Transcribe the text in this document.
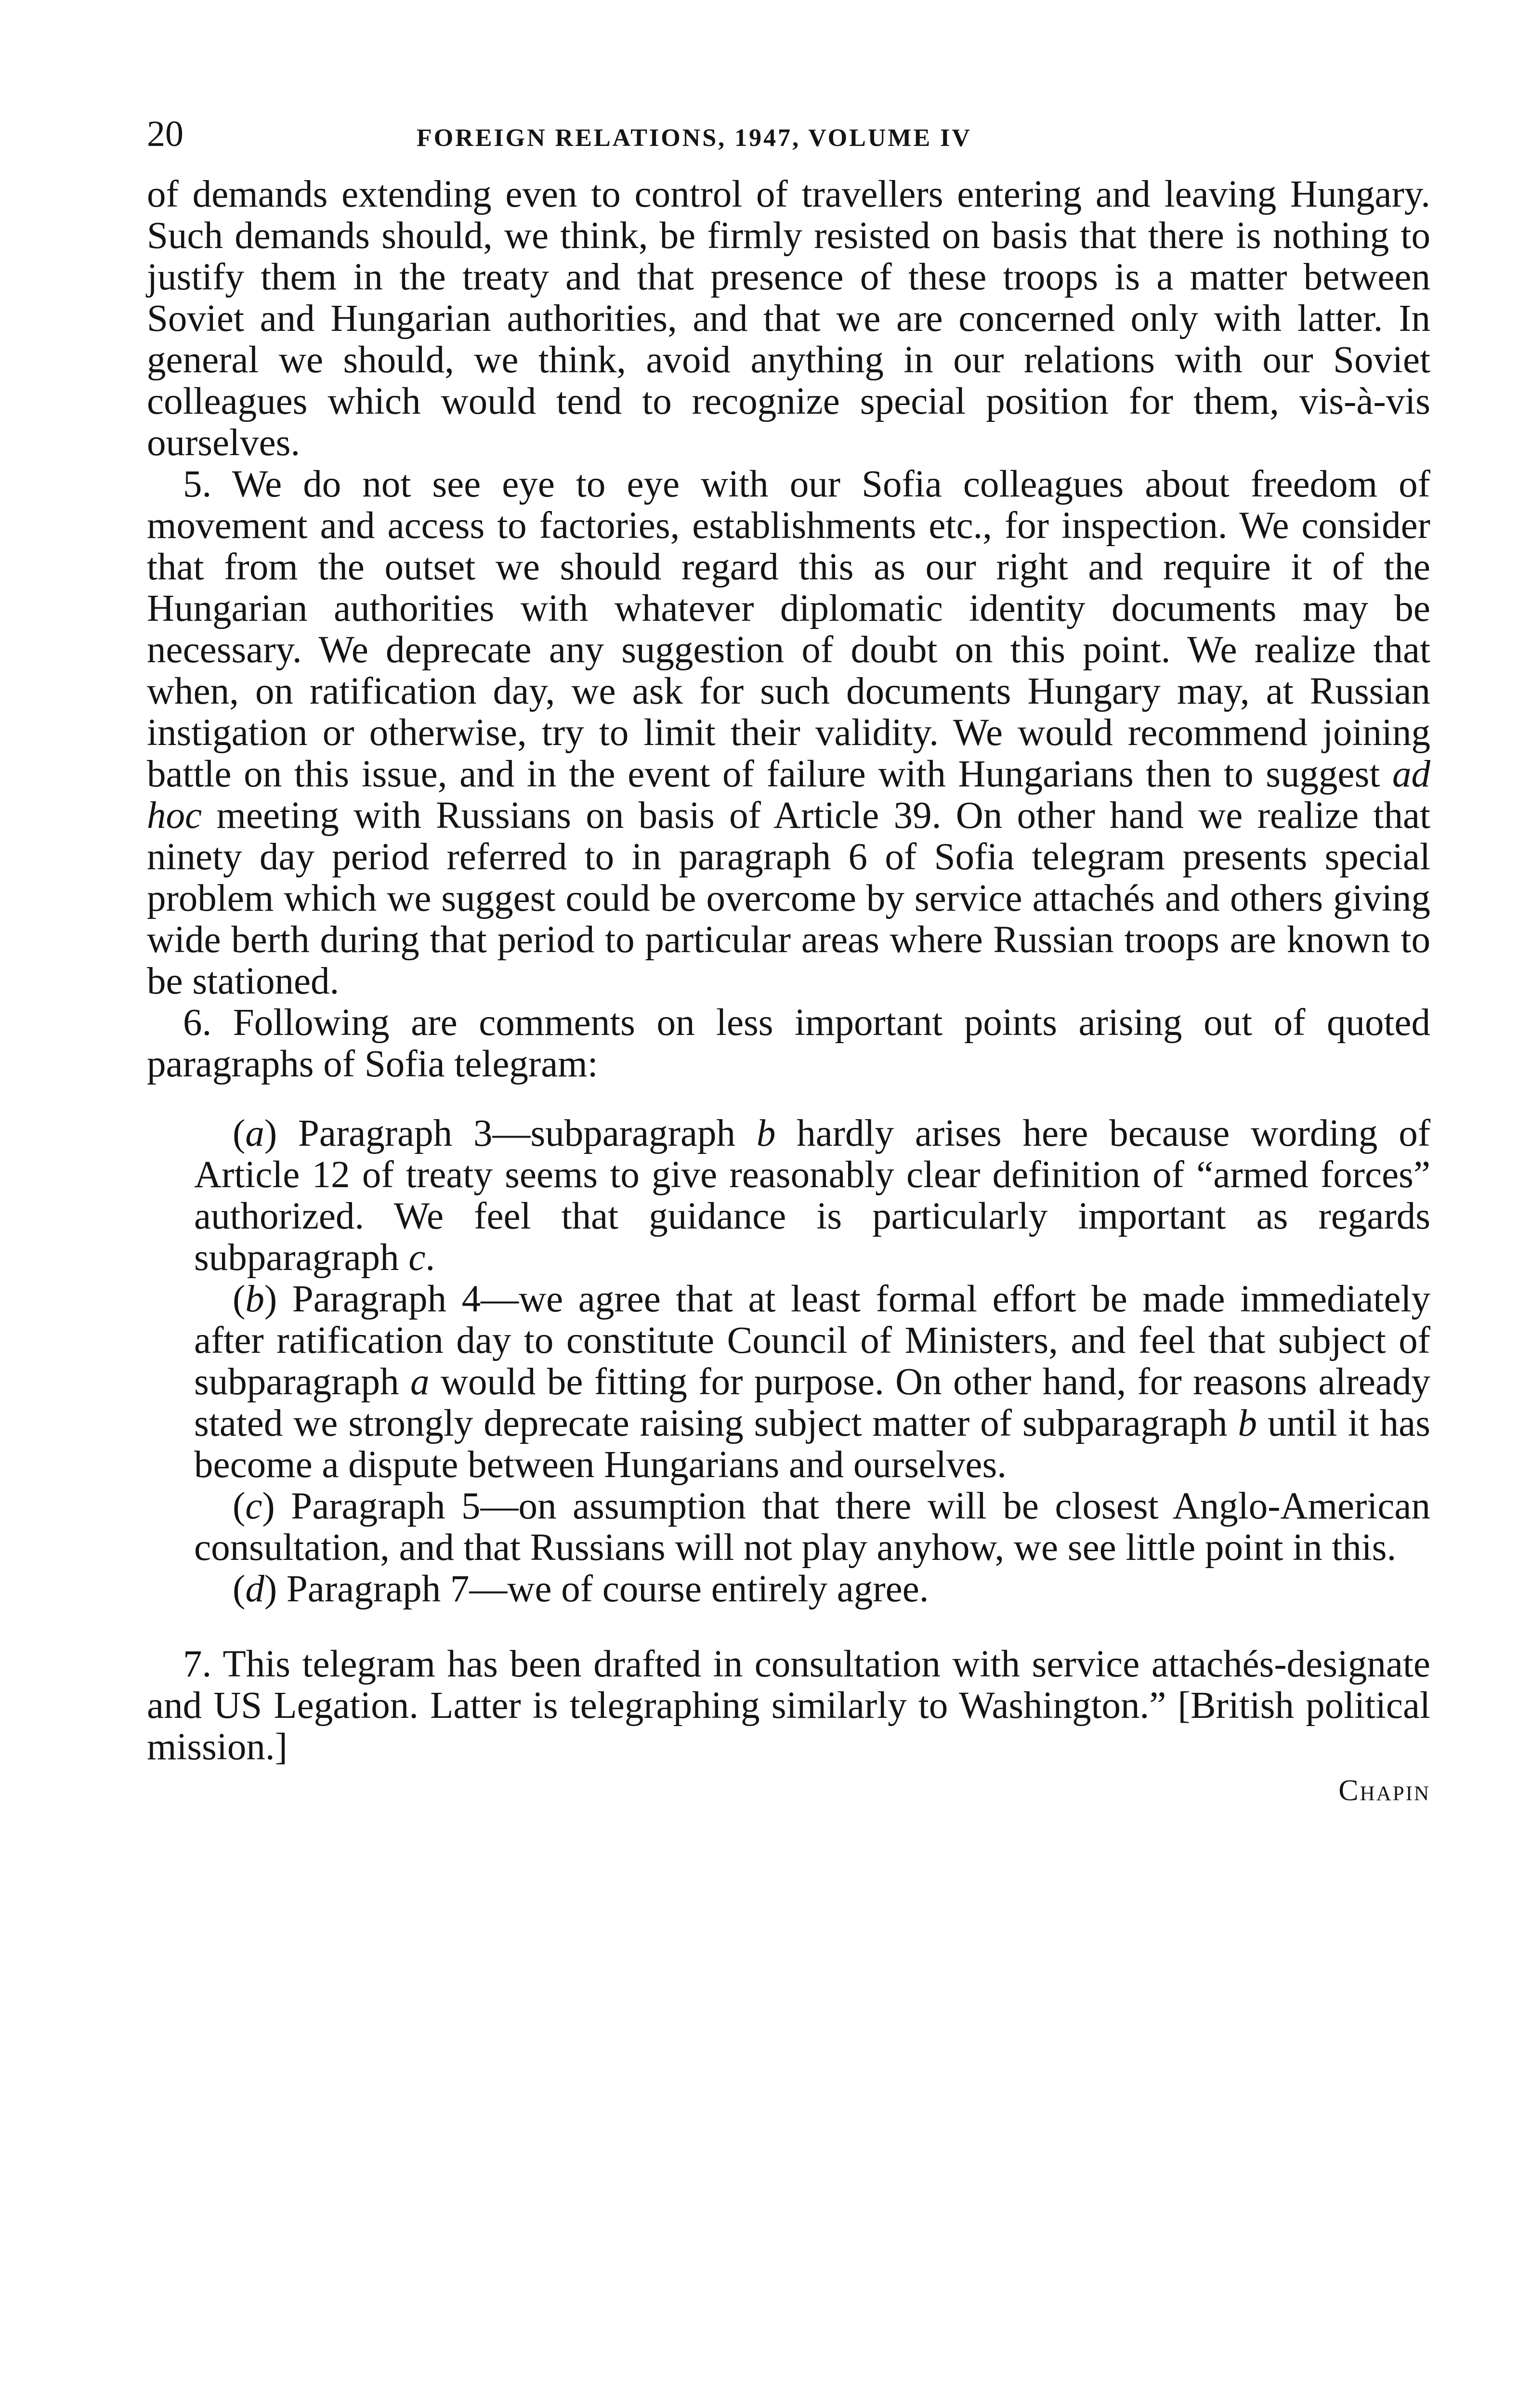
20	FOREIGN RELATIONS, 1947, VOLUME IV

of demands extending even to control of travellers entering and leaving Hungary. Such demands should, we think, be firmly resisted on basis that there is nothing to justify them in the treaty and that presence of these troops is a matter between Soviet and Hungarian authorities, and that we are concerned only with latter. In general we should, we think, avoid anything in our relations with our Soviet colleagues which would tend to recognize special position for them, vis-à-vis ourselves.

5. We do not see eye to eye with our Sofia colleagues about freedom of movement and access to factories, establishments etc., for inspection. We consider that from the outset we should regard this as our right and require it of the Hungarian authorities with whatever diplomatic identity documents may be necessary. We deprecate any suggestion of doubt on this point. We realize that when, on ratification day, we ask for such documents Hungary may, at Russian instigation or otherwise, try to limit their validity. We would recommend joining battle on this issue, and in the event of failure with Hungarians then to suggest ad hoc meeting with Russians on basis of Article 39. On other hand we realize that ninety day period referred to in paragraph 6 of Sofia telegram presents special problem which we suggest could be overcome by service attachés and others giving wide berth during that period to particular areas where Russian troops are known to be stationed.

6. Following are comments on less important points arising out of quoted paragraphs of Sofia telegram:

(a) Paragraph 3—subparagraph b hardly arises here because wording of Article 12 of treaty seems to give reasonably clear definition of “armed forces” authorized. We feel that guidance is particularly important as regards subparagraph c.

(b) Paragraph 4—we agree that at least formal effort be made immediately after ratification day to constitute Council of Ministers, and feel that subject of subparagraph a would be fitting for purpose. On other hand, for reasons already stated we strongly deprecate raising subject matter of subparagraph b until it has become a dispute between Hungarians and ourselves.

(c) Paragraph 5—on assumption that there will be closest Anglo-American consultation, and that Russians will not play anyhow, we see little point in this.

(d) Paragraph 7—we of course entirely agree.

7. This telegram has been drafted in consultation with service attachés-designate and US Legation. Latter is telegraphing similarly to Washington.” [British political mission.]

Chapin
